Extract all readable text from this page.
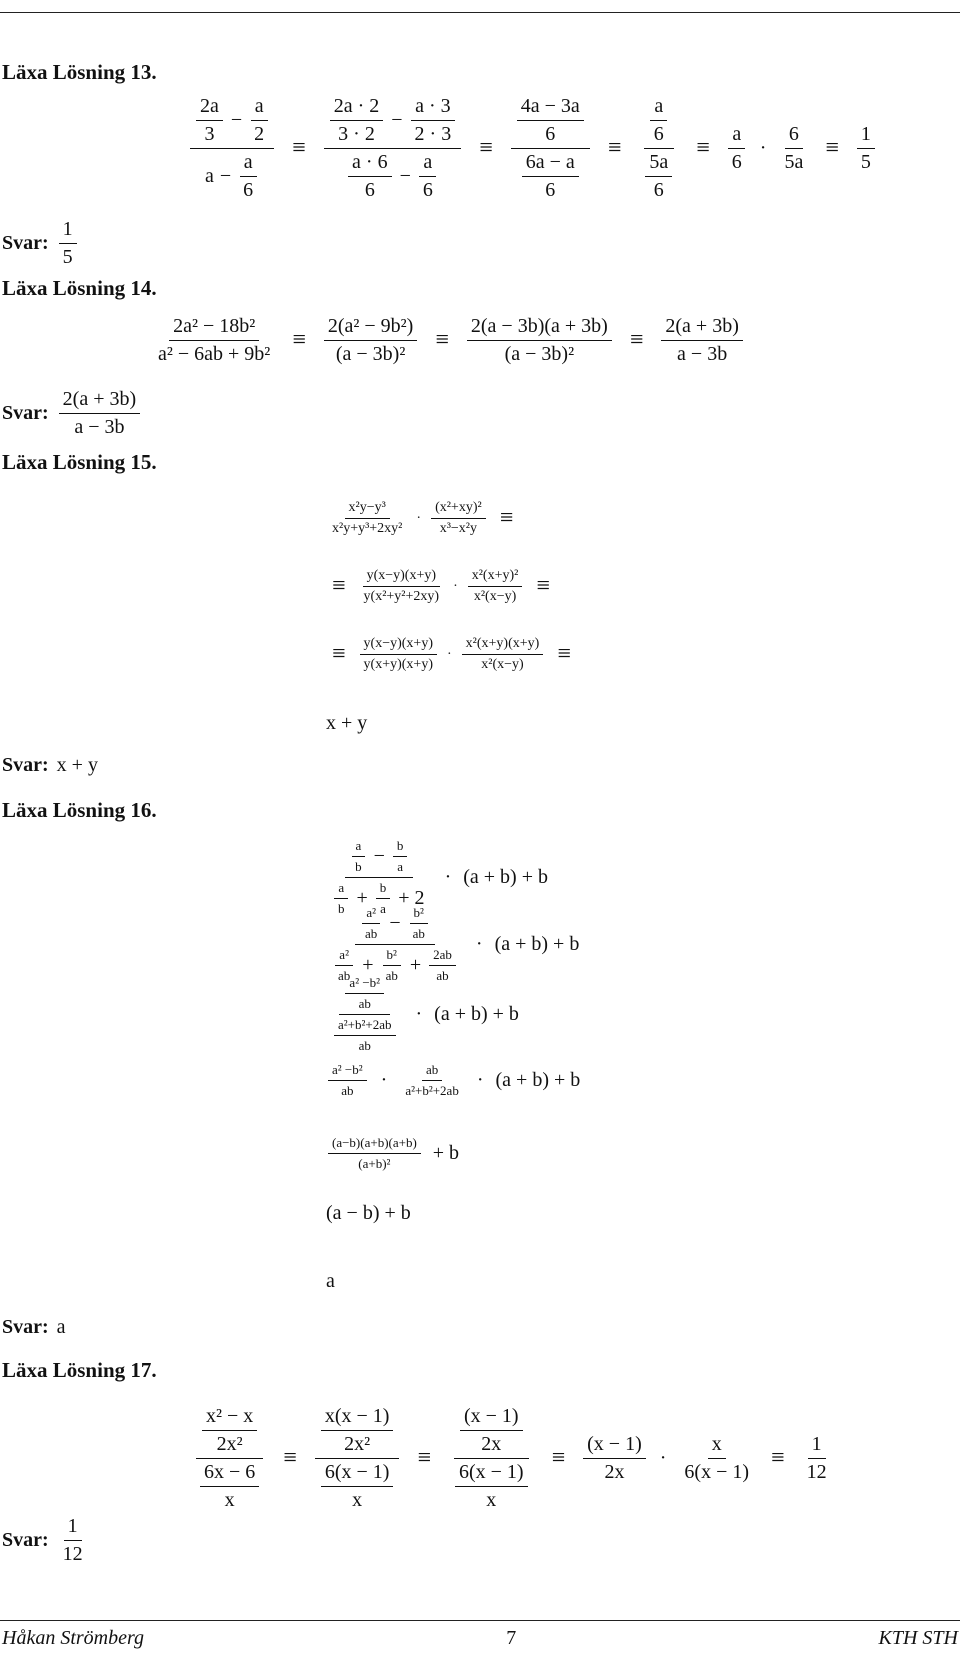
Läxa Lösning 13.
$\frac{\frac{2a}{3} - \frac{a}{2}}{a - \frac{a}{6}} \equiv \frac{\frac{2a \cdot 2}{3 \cdot 2} - \frac{a \cdot 3}{2 \cdot 3}}{\frac{a \cdot 6}{6} - \frac{a}{6}} \equiv \frac{\frac{4a - 3a}{6}}{\frac{6a - a}{6}} \equiv \frac{\frac{a}{6}}{\frac{5a}{6}} \equiv \frac{a}{6} \cdot \frac{6}{5a} \equiv \frac{1}{5}$
Svar: $\frac{1}{5}$
Läxa Lösning 14.
$\frac{\text{2a² − 18b²}}{\text{a² − 6ab + 9b²}} \equiv \frac{\text{2(a² − 9b²)}}{\text{(a − 3b)²}} \equiv \frac{2(a - 3b)(a + 3b)}{\text{(a − 3b)²}} \equiv \frac{2(a + 3b)}{a - 3b}$
Svar: $\frac{2(a + 3b)}{a - 3b}$
Läxa Lösning 15.
$\frac{\text{x²y−y³}}{\text{x²y+y³+2xy²}} \cdot \frac{\text{(x²+xy)²}}{\text{x³−x²y}}$ ≡
≡	$\frac{y(x-y)(x+y)}{\text{y(x²+y²+2xy)}} \cdot \frac{\text{x²(x+y)²}}{\text{x²(x−y)}}$ ≡
≡	$\frac{y(x-y)(x+y)}{y(x+y)(x+y)} \cdot \frac{\text{x²(x+y)(x+y)}}{\text{x²(x−y)}}$ ≡
x + y
Svar: x + y
Läxa Lösning 16.
$\frac{\frac{a}{b} - \frac{b}{a}}{\frac{a}{b} + \frac{b}{a} + 2} \cdot (a + b) + b$
$\frac{\frac{\text{a²}}{ab} - \frac{\text{b²}}{ab}}{\frac{\text{a²}}{ab} + \frac{\text{b²}}{ab} + \frac{2ab}{ab}} \cdot (a + b) + b$
$\frac{\frac{\text{a² −b²}}{ab}}{\frac{\text{a²+b²+2ab}}{ab}} \cdot (a + b) + b$
$\frac{\text{a² −b²}}{ab} \cdot \frac{ab}{\text{a²+b²+2ab}} \cdot (a + b) + b$
$\frac{(a-b)(a+b)(a+b)}{\text{(a+b)²}} + b$
(a − b) + b
a
Svar: a
Läxa Lösning 17.
$\frac{\frac{\text{x² − x}}{\text{2x²}}}{\frac{6x - 6}{x}} \equiv \frac{\frac{x(x - 1)}{\text{2x²}}}{\frac{6(x - 1)}{x}} \equiv \frac{\frac{(x - 1)}{2x}}{\frac{6(x - 1)}{x}} \equiv \frac{(x - 1)}{2x} \cdot \frac{x}{6(x - 1)} \equiv \frac{1}{12}$
Svar: $\frac{1}{12}$
Håkan Strömberg	7	KTH STH
